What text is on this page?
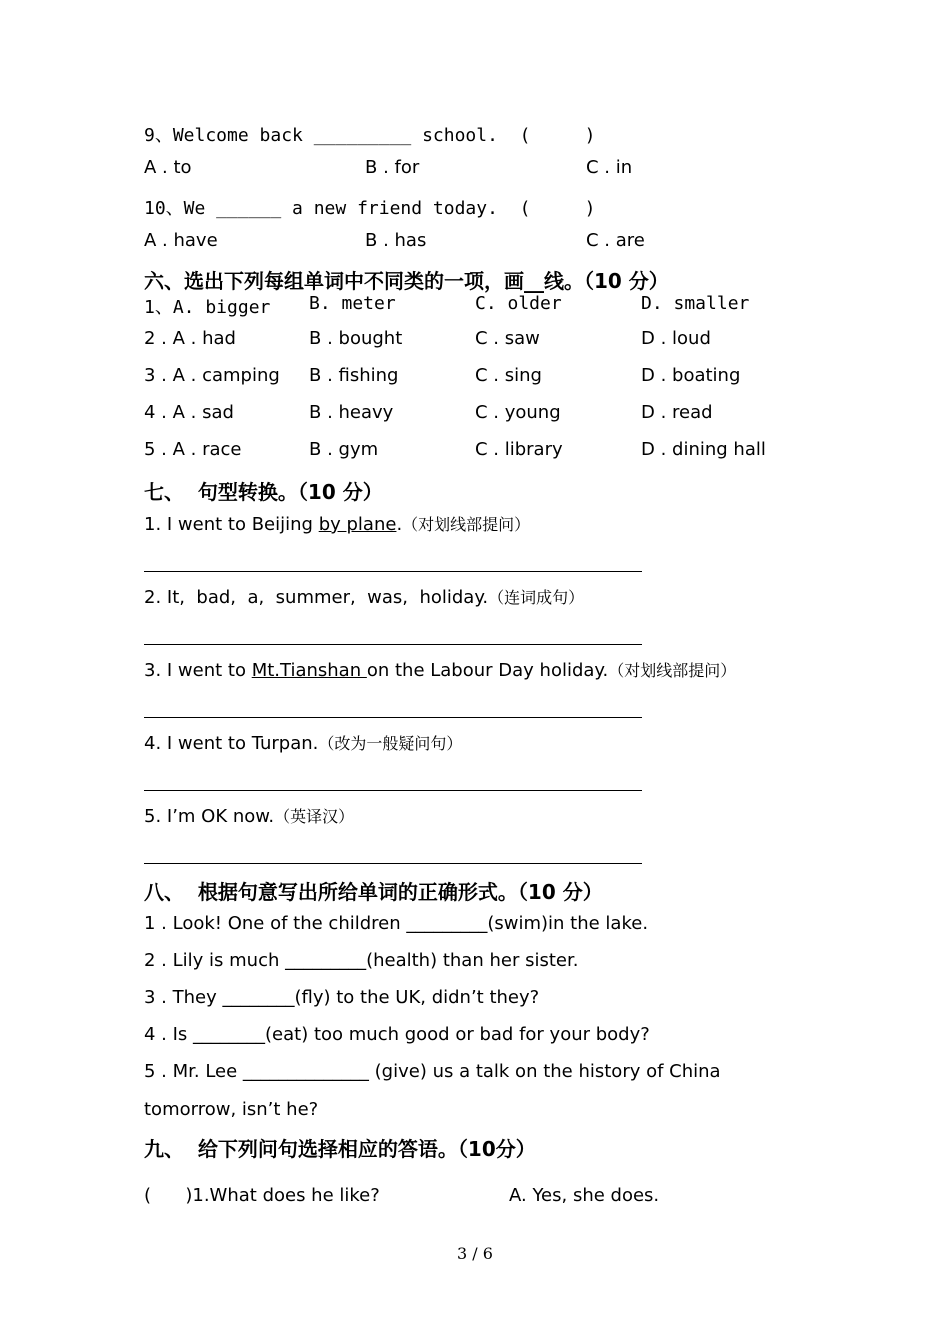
9、Welcome back _________ school.  (     )
A . to	B . for	C . in
10、We ______ a new friend today.  (     )
A . have	B . has	C . are
六、选出下列每组单词中不同类的一项，画__线。（10 分）
1、A. bigger B. meter	C. older	D. smaller
2 . A . had	B . bought	C . saw	D . loud
3 . A . camping B . fishing	C . sing	D . boating
4 . A . sad	B . heavy	C . young	D . read
5 . A . race	B . gym	C . library	D . dining hall
七、  句型转换。（10 分）
1. I went to Beijing by plane.（对划线部提问）
2. It,  bad,  a,  summer,  was,  holiday.（连词成句）
3. I went to Mt.Tianshan on the Labour Day holiday.（对划线部提问）
4. I went to Turpan.（改为一般疑问句）
5. I’m OK now.（英译汉）
八、  根据句意写出所给单词的正确形式。（10 分）
1 . Look! One of the children _________(swim)in the lake.
2 . Lily is much _________(health) than her sister.
3 . They ________(fly) to the UK, didn’t they?
4 . Is ________(eat) too much good or bad for your body?
5 . Mr. Lee ______________ (give) us a talk on the history of China
tomorrow, isn’t he?
九、  给下列问句选择相应的答语。（10分）
(      )1.What does he like?	A. Yes, she does.
3 / 6
